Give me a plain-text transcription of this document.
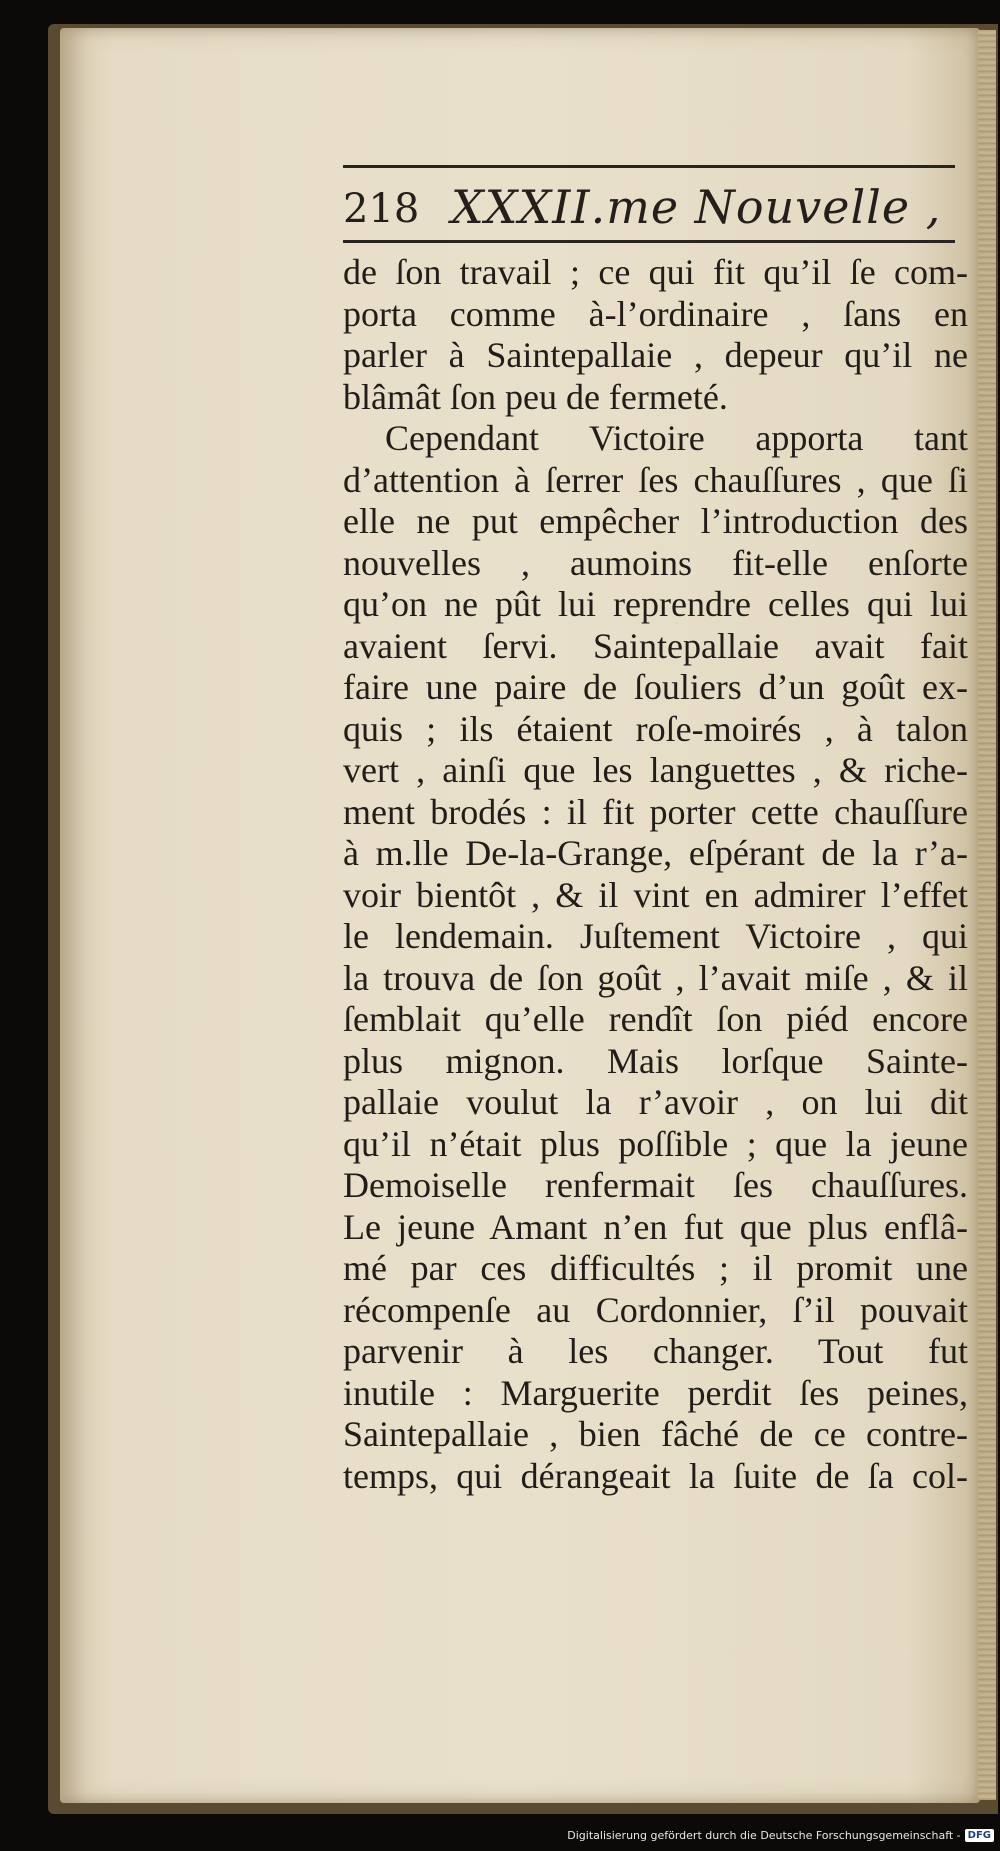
218 XXXII.me Nouvelle ,
de ſon travail ; ce qui fit qu’il ſe com-
porta comme à-l’ordinaire , ſans en
parler à Saintepallaie , depeur qu’il ne
blâmât ſon peu de fermeté.
Cependant Victoire apporta tant
d’attention à ſerrer ſes chauſſures , que ſi
elle ne put empêcher l’introduction des
nouvelles , aumoins fit-elle enſorte
qu’on ne pût lui reprendre celles qui lui
avaient ſervi. Saintepallaie avait fait
faire une paire de ſouliers d’un goût ex-
quis ; ils étaient roſe-moirés , à talon
vert , ainſi que les languettes , & riche-
ment brodés : il fit porter cette chauſſure
à m.lle De-la-Grange, eſpérant de la r’a-
voir bientôt , & il vint en admirer l’effet
le lendemain. Juſtement Victoire , qui
la trouva de ſon goût , l’avait miſe , & il
ſemblait qu’elle rendît ſon piéd encore
plus mignon. Mais lorſque Sainte-
pallaie voulut la r’avoir , on lui dit
qu’il n’était plus poſſible ; que la jeune
Demoiselle renfermait ſes chauſſures.
Le jeune Amant n’en fut que plus enflâ-
mé par ces difficultés ; il promit une
récompenſe au Cordonnier, ſ’il pouvait
parvenir à les changer. Tout fut
inutile : Marguerite perdit ſes peines,
Saintepallaie , bien fâché de ce contre-
temps, qui dérangeait la ſuite de ſa col-
Digitalisierung gefördert durch die Deutsche Forschungsgemeinschaft - DFG
